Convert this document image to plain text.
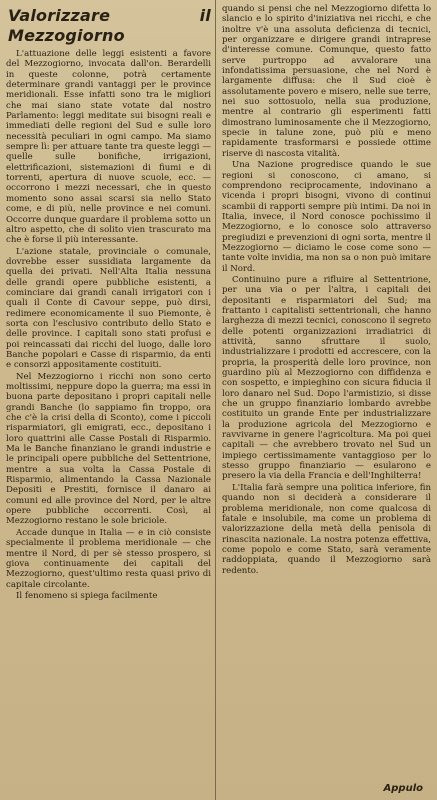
Valorizzare il Mezzogiorno

L'attuazione delle leggi esistenti a favore del Mezzogiorno, invocata dall'on. Berardelli in queste colonne, potrà certamente determinare grandi vantaggi per le province meridionali. Esse infatti sono tra le migliori che mai siano state votate dal nostro Parlamento: leggi meditate sui bisogni reali e immediati delle regioni del Sud e sulle loro necessità peculiari in ogni campo. Ma siamo sempre lì: per attuare tante tra queste leggi — quelle sulle bonifiche, irrigazioni, elettrificazioni, sistemazioni di fiumi e di torrenti, apertura di nuove scuole, ecc. — occorrono i mezzi necessari, che in questo momento sono assai scarsi sia nello Stato come, e di più, nelle province e nei comuni. Occorre dunque guardare il problema sotto un altro aspetto, che di solito vien trascurato ma che è forse il più interessante.

L'azione statale, provinciale o comunale, dovrebbe esser sussidiata largamente da quella dei privati. Nell'Alta Italia nessuna delle grandi opere pubbliche esistenti, a cominciare dai grandi canali irrigatori con i quali il Conte di Cavour seppe, può dirsi, redimere economicamente il suo Piemonte, è sorta con l'esclusivo contributo dello Stato e delle province. I capitali sono stati profusi e poi reincassati dai ricchi del luogo, dalle loro Banche popolari e Casse di risparmio, da enti e consorzi appositamente costituiti.

Nel Mezzogiorno i ricchi non sono certo moltissimi, neppure dopo la guerra; ma essi in buona parte depositano i propri capitali nelle grandi Banche (lo sappiamo fin troppo, ora che c'è la crisi della di Sconto), come i piccoli risparmiatori, gli emigrati, ecc., depositano i loro quattrini alle Casse Postali di Risparmio. Ma le Banche finanziano le grandi industrie e le principali opere pubbliche del Settentrione, mentre a sua volta la Cassa Postale di Risparmio, alimentando la Cassa Nazionale Depositi e Prestiti, fornisce il danaro ai comuni ed alle province del Nord, per le altre opere pubbliche occorrenti. Così, al Mezzogiorno restano le sole briciole.

Accade dunque in Italia — e in ciò consiste specialmente il problema meridionale — che mentre il Nord, di per sè stesso prospero, si giova continuamente dei capitali del Mezzogiorno, quest'ultimo resta quasi privo di capitale circolante.

Il fenomeno si spiega facilmente

quando si pensi che nel Mezzogiorno difetta lo slancio e lo spirito d'iniziativa nei ricchi, e che inoltre v'è una assoluta deficienza di tecnici, per organizzare e dirigere grandi intraprese d'interesse comune. Comunque, questo fatto serve purtroppo ad avvalorare una infondatissima persuasione, che nel Nord è largamente diffusa: che il Sud cioè è assolutamente povero e misero, nelle sue terre, nei suo sottosuolo, nella sua produzione, mentre al contrario gli esperimenti fatti dimostrano luminosamente che il Mezzogiorno, specie in talune zone, può più e meno rapidamente trasformarsi e possiede ottime riserve di nascosta vitalità.

Una Nazione progredisce quando le sue regioni si conoscono, ci amano, si comprendono reciprocamente, indovinano a vicenda i propri bisogni, vivono di continui scambii di rapporti sempre più intimi. Da noi in Italia, invece, il Nord conosce pochissimo il Mezzogiorno, e lo conosce solo attraverso pregiudizi e prevenzioni di ogni sorta, mentre il Mezzogiorno — diciamo le cose come sono — tante volte invidia, ma non sa o non può imitare il Nord.

Continuino pure a rifluire al Settentrione, per una via o per l'altra, i capitali dei depositanti e risparmiatori del Sud; ma frattanto i capitalisti settentrionali, che hanno larghezza di mezzi tecnici, conoscono il segreto delle potenti organizzazioni irradiatrici di attività, sanno sfruttare il suolo, industrializzare i prodotti ed accrescere, con la propria, la prosperità delle loro province, non guardino più al Mezzogiorno con diffidenza e con sospetto, e impieghino con sicura fiducia il loro danaro nel Sud. Dopo l'armistizio, si disse che un gruppo finanziario lombardo avrebbe costituito un grande Ente per industrializzare la produzione agricola del Mezzogiorno e ravvivarne in genere l'agricoltura. Ma poi quei capitali — che avrebbero trovato nel Sud un impiego certissimamente vantaggioso per lo stesso gruppo finanziario — esularono e presero la via della Francia e dell'Inghilterra!

L'Italia farà sempre una politica inferiore, fin quando non si deciderà a considerare il problema meridionale, non come qualcosa di fatale e insolubile, ma come un problema di valorizzazione della metà della penisola di rinascita nazionale. La nostra potenza effettiva, come popolo e come Stato, sarà veramente raddoppiata, quando il Mezzogiorno sarà redento.

Appulo
